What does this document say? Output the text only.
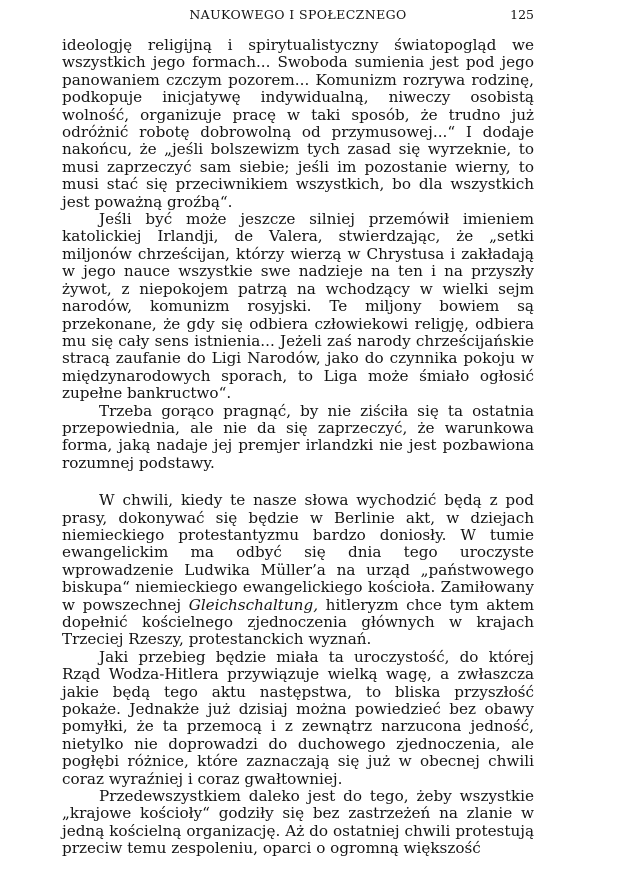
NAUKOWEGO I SPOŁECZNEGO	125

ideologję religijną i spirytualistyczny światopogląd we wszystkich jego formach... Swoboda sumienia jest pod jego panowaniem czczym pozorem... Komunizm rozrywa rodzinę, podkopuje inicjatywę indywidualną, niweczy osobistą wolność, organizuje pracę w taki sposób, że trudno już odróżnić robotę dobrowolną od przymusowej...“ I dodaje nakońcu, że „jeśli bolszewizm tych zasad się wyrzeknie, to musi zaprzeczyć sam siebie; jeśli im pozostanie wierny, to musi stać się przeciwnikiem wszystkich, bo dla wszystkich jest poważną groźbą“.

Jeśli być może jeszcze silniej przemówił imieniem katolickiej Irlandji, de Valera, stwierdzając, że „setki miljonów chrześcijan, którzy wierzą w Chrystusa i zakładają w jego nauce wszystkie swe nadzieje na ten i na przyszły żywot, z niepokojem patrzą na wchodzący w wielki sejm narodów, komunizm rosyjski. Te miljony bowiem są przekonane, że gdy się odbiera człowiekowi religję, odbiera mu się cały sens istnienia... Jeżeli zaś narody chrześcijańskie stracą zaufanie do Ligi Narodów, jako do czynnika pokoju w międzynarodowych sporach, to Liga może śmiało ogłosić zupełne bankructwo“.

Trzeba gorąco pragnąć, by nie ziściła się ta ostatnia przepowiednia, ale nie da się zaprzeczyć, że warunkowa forma, jaką nadaje jej premjer irlandzki nie jest pozbawiona rozumnej podstawy.

W chwili, kiedy te nasze słowa wychodzić będą z pod prasy, dokonywać się będzie w Berlinie akt, w dziejach niemieckiego protestantyzmu bardzo doniosły. W tumie ewangelickim ma odbyć się dnia tego uroczyste wprowadzenie Ludwika Müller’a na urząd „państwowego biskupa“ niemieckiego ewangelickiego kościoła. Zamiłowany w powszechnej Gleichschaltung, hitleryzm chce tym aktem dopełnić kościelnego zjednoczenia głównych w krajach Trzeciej Rzeszy, protestanckich wyznań.

Jaki przebieg będzie miała ta uroczystość, do której Rząd Wodza-Hitlera przywiązuje wielką wagę, a zwłaszcza jakie będą tego aktu następstwa, to bliska przyszłość pokaże. Jednakże już dzisiaj można powiedzieć bez obawy pomyłki, że ta przemocą i z zewnątrz narzucona jedność, nietylko nie doprowadzi do duchowego zjednoczenia, ale pogłębi różnice, które zaznaczają się już w obecnej chwili coraz wyraźniej i coraz gwałtowniej.

Przedewszystkiem daleko jest do tego, żeby wszystkie „krajowe kościoły“ godziły się bez zastrzeżeń na zlanie w jedną kościelną organizację. Aż do ostatniej chwili protestują przeciw temu zespoleniu, oparci o ogromną większość
